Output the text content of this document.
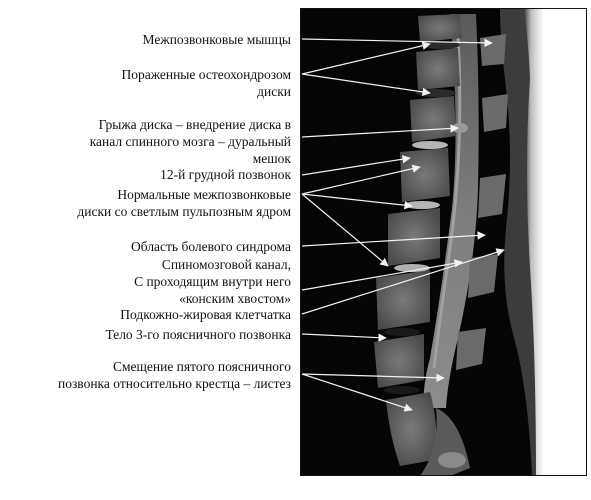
Межпозвонковые мышцы
Пораженные остеохондрозом
диски
Грыжа диска – внедрение диска в
канал спинного мозга – дуральный
мешок
12-й грудной позвонок
Нормальные межпозвонковые
диски со светлым пульпозным ядром
Область болевого синдрома
Спиномозговой канал,
С проходящим внутри него
«конским хвостом»
Подкожно-жировая клетчатка
Тело 3-го поясничного позвонка
Смещение пятого поясничного
позвонка относительно крестца – листез
